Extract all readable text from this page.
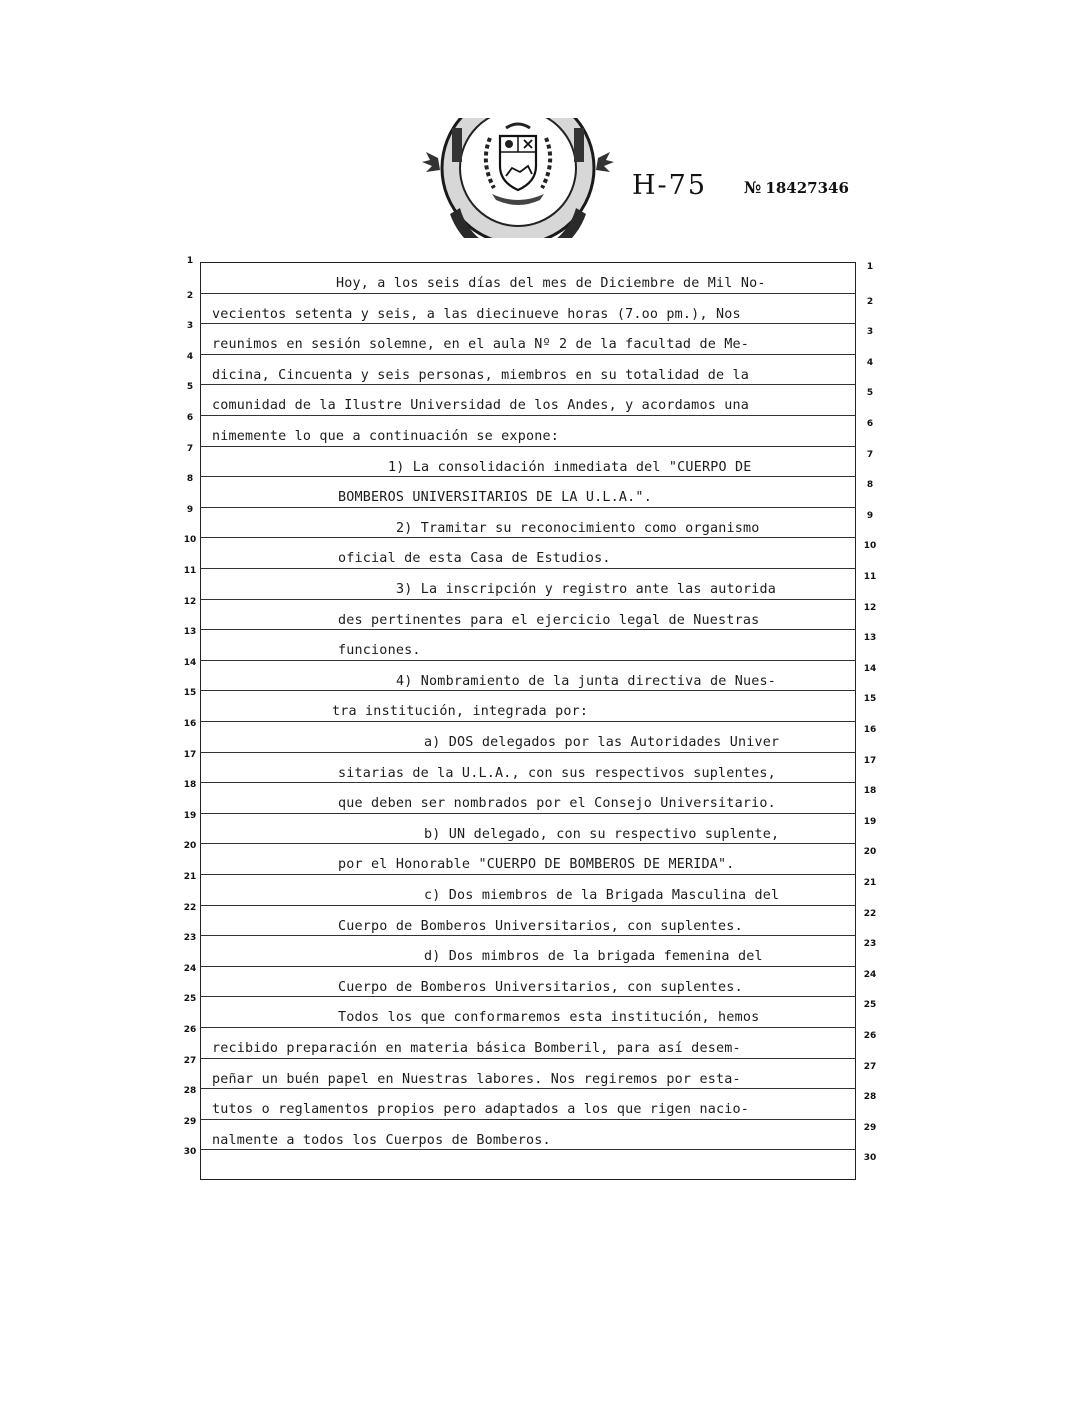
H-75 № 18427346
1
1
2
2
3
3
4
4
5
5
6
6
7
7
8
8
9
9
10
10
11
11
12
12
13
13
14
14
15
15
16
16
17
17
18
18
19
19
20
20
21
21
22
22
23
23
24
24
25
25
26
26
27
27
28
28
29
29
30
30
Hoy, a los seis días del mes de Diciembre de Mil No-
vecientos setenta y seis, a las diecinueve horas (7.oo pm.), Nos
reunimos en sesión solemne, en el aula Nº 2 de la facultad de Me-
dicina, Cincuenta y seis personas, miembros en su totalidad de la
comunidad de la Ilustre Universidad de los Andes, y acordamos una
nimemente lo que a continuación se expone:
1) La consolidación inmediata del "CUERPO DE
BOMBEROS UNIVERSITARIOS DE LA U.L.A.".
2) Tramitar su reconocimiento como organismo
oficial de esta Casa de Estudios.
3) La inscripción y registro ante las autorida
des pertinentes para el ejercicio legal de Nuestras
funciones.
4) Nombramiento de la junta directiva de Nues-
tra institución, integrada por:
a) DOS delegados por las Autoridades Univer
sitarias de la U.L.A., con sus respectivos suplentes,
que deben ser nombrados por el Consejo Universitario.
b) UN delegado, con su respectivo suplente,
por el Honorable "CUERPO DE BOMBEROS DE MERIDA".
c) Dos miembros de la Brigada Masculina del
Cuerpo de Bomberos Universitarios, con suplentes.
d) Dos mimbros de la brigada femenina del
Cuerpo de Bomberos Universitarios, con suplentes.
Todos los que conformaremos esta institución, hemos
recibido preparación en materia básica Bomberil, para así desem-
peñar un buén papel en Nuestras labores. Nos regiremos por esta-
tutos o reglamentos propios pero adaptados a los que rigen nacio-
nalmente a todos los Cuerpos de Bomberos.
